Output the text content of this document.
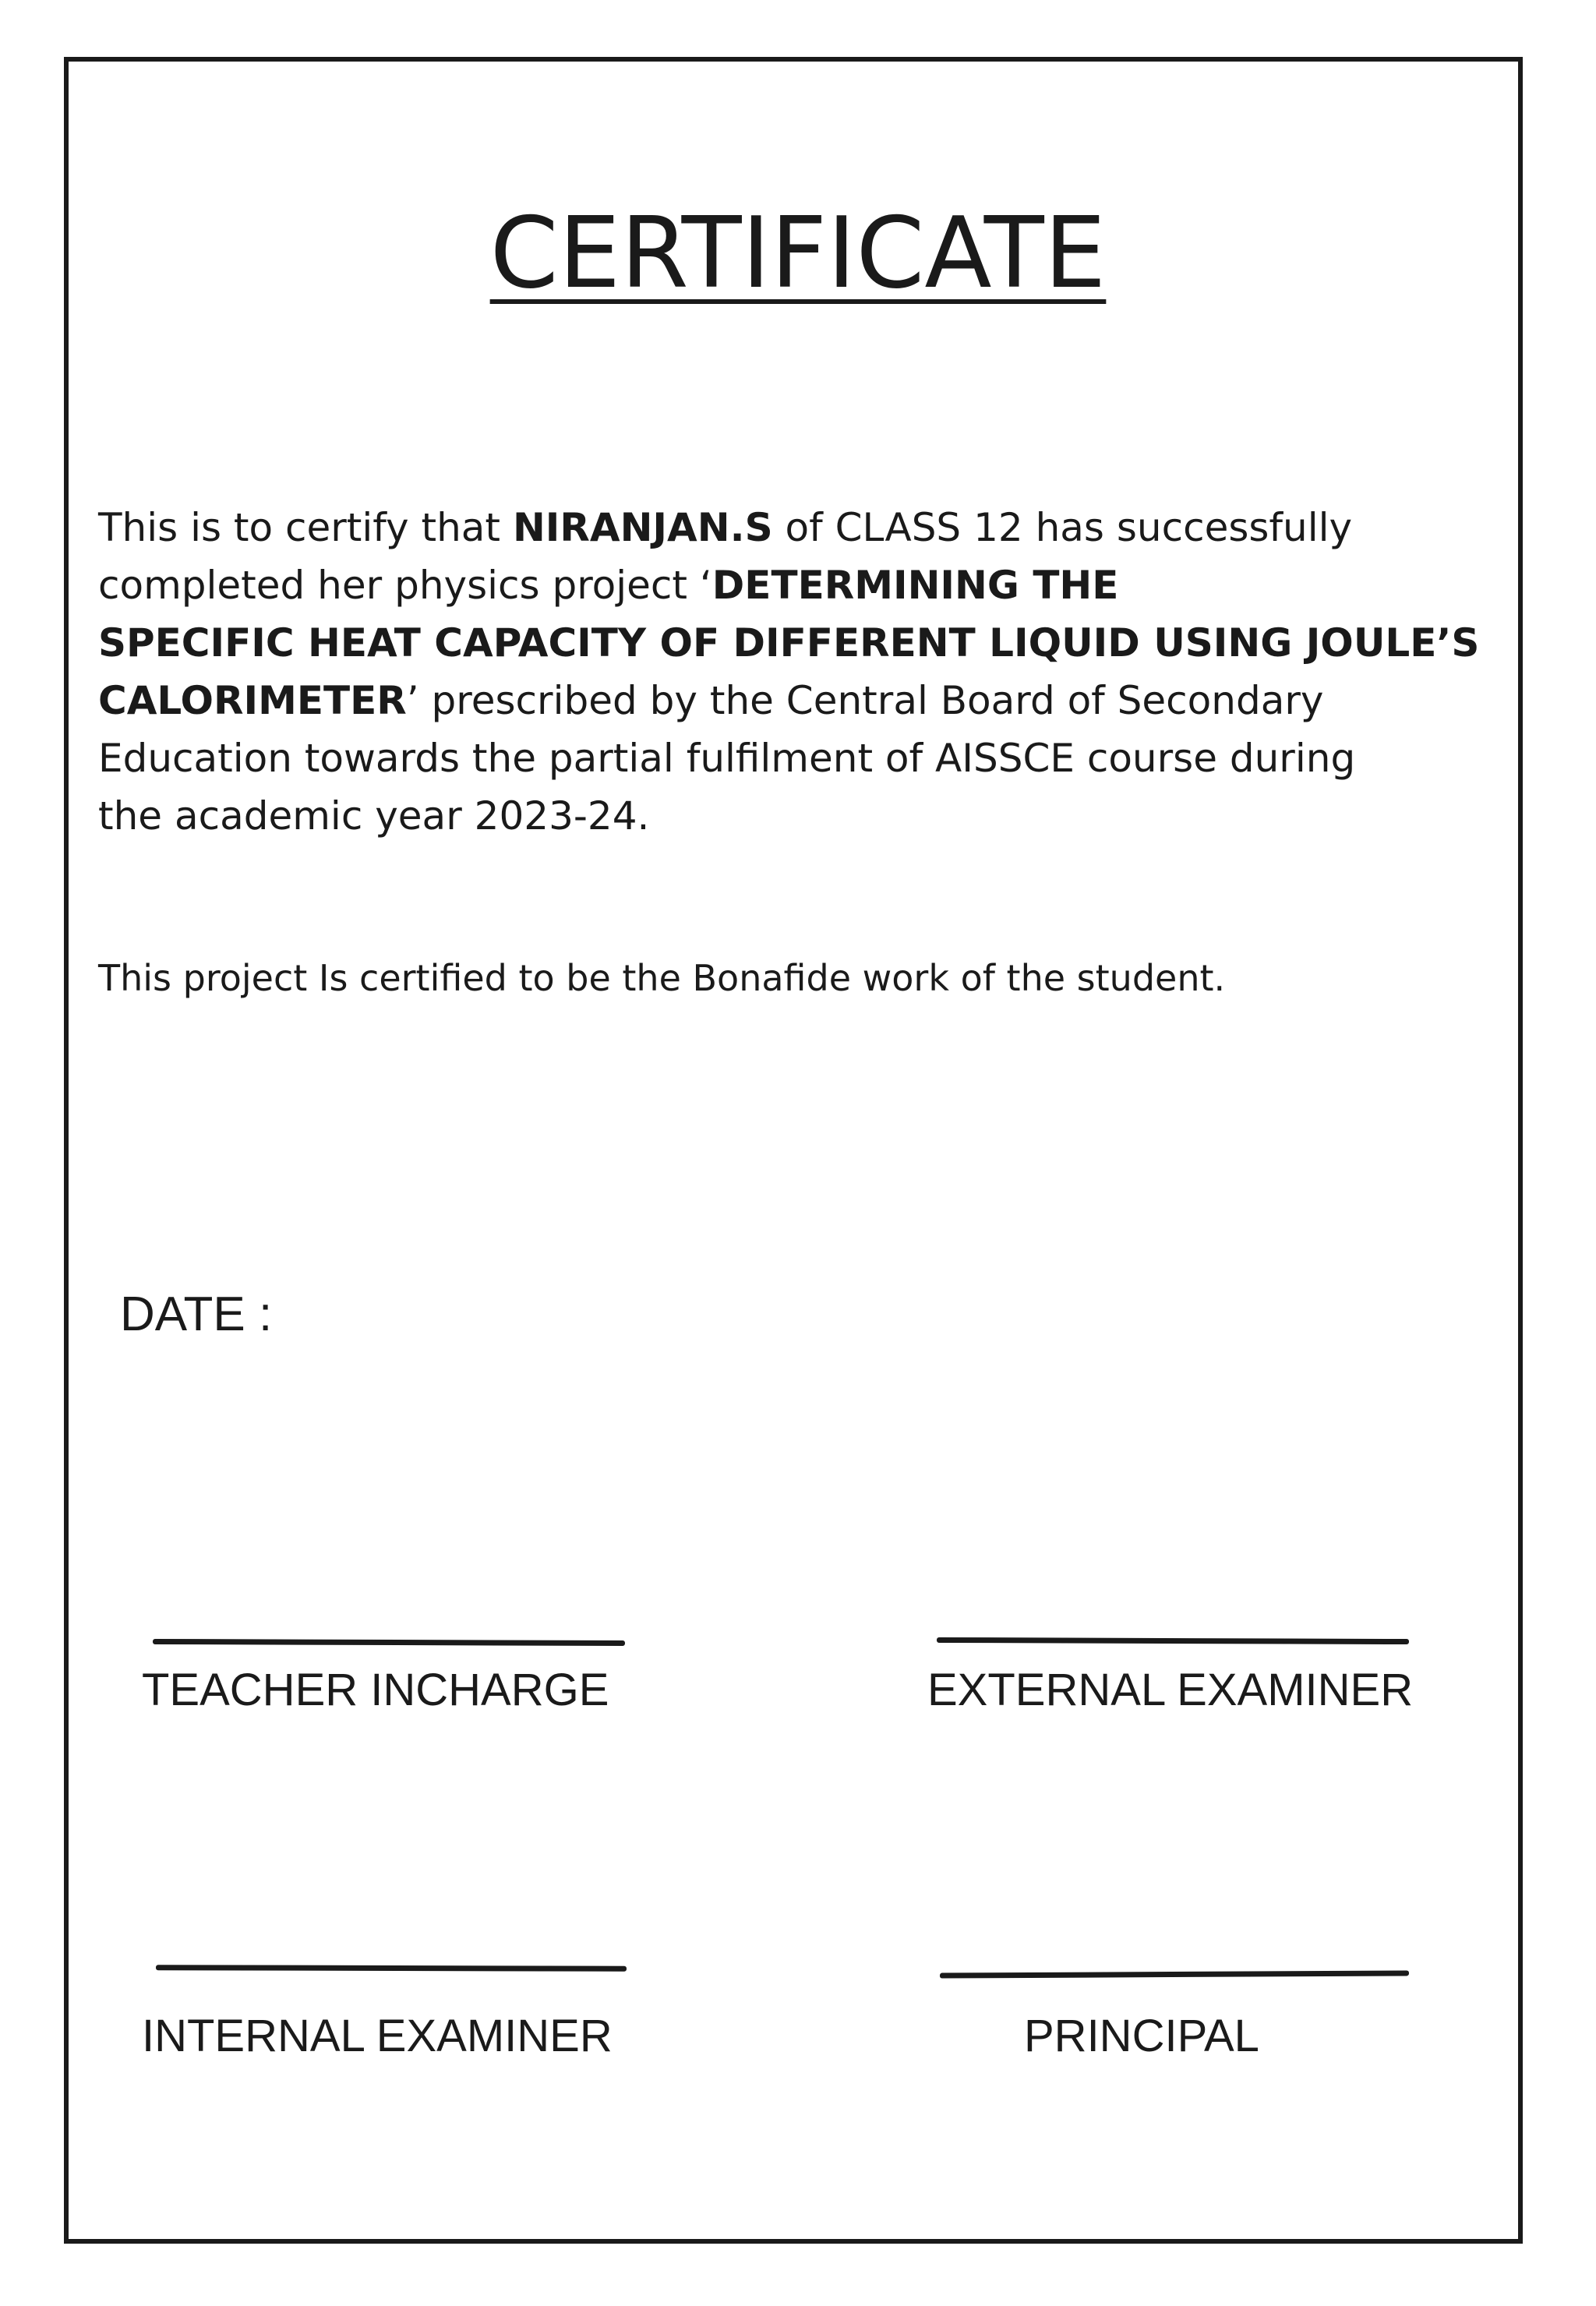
CERTIFICATE

This is to certify that NIRANJAN.S of CLASS 12 has successfully
completed her physics project ‘DETERMINING THE
SPECIFIC HEAT CAPACITY OF DIFFERENT LIQUID USING JOULE’S
CALORIMETER’ prescribed by the Central Board of Secondary
Education towards the partial fulfilment of AISSCE course during
the academic year 2023-24.

This project Is certified to be the Bonafide work of the student.

DATE :

TEACHER INCHARGE	EXTERNAL EXAMINER

INTERNAL EXAMINER	PRINCIPAL
